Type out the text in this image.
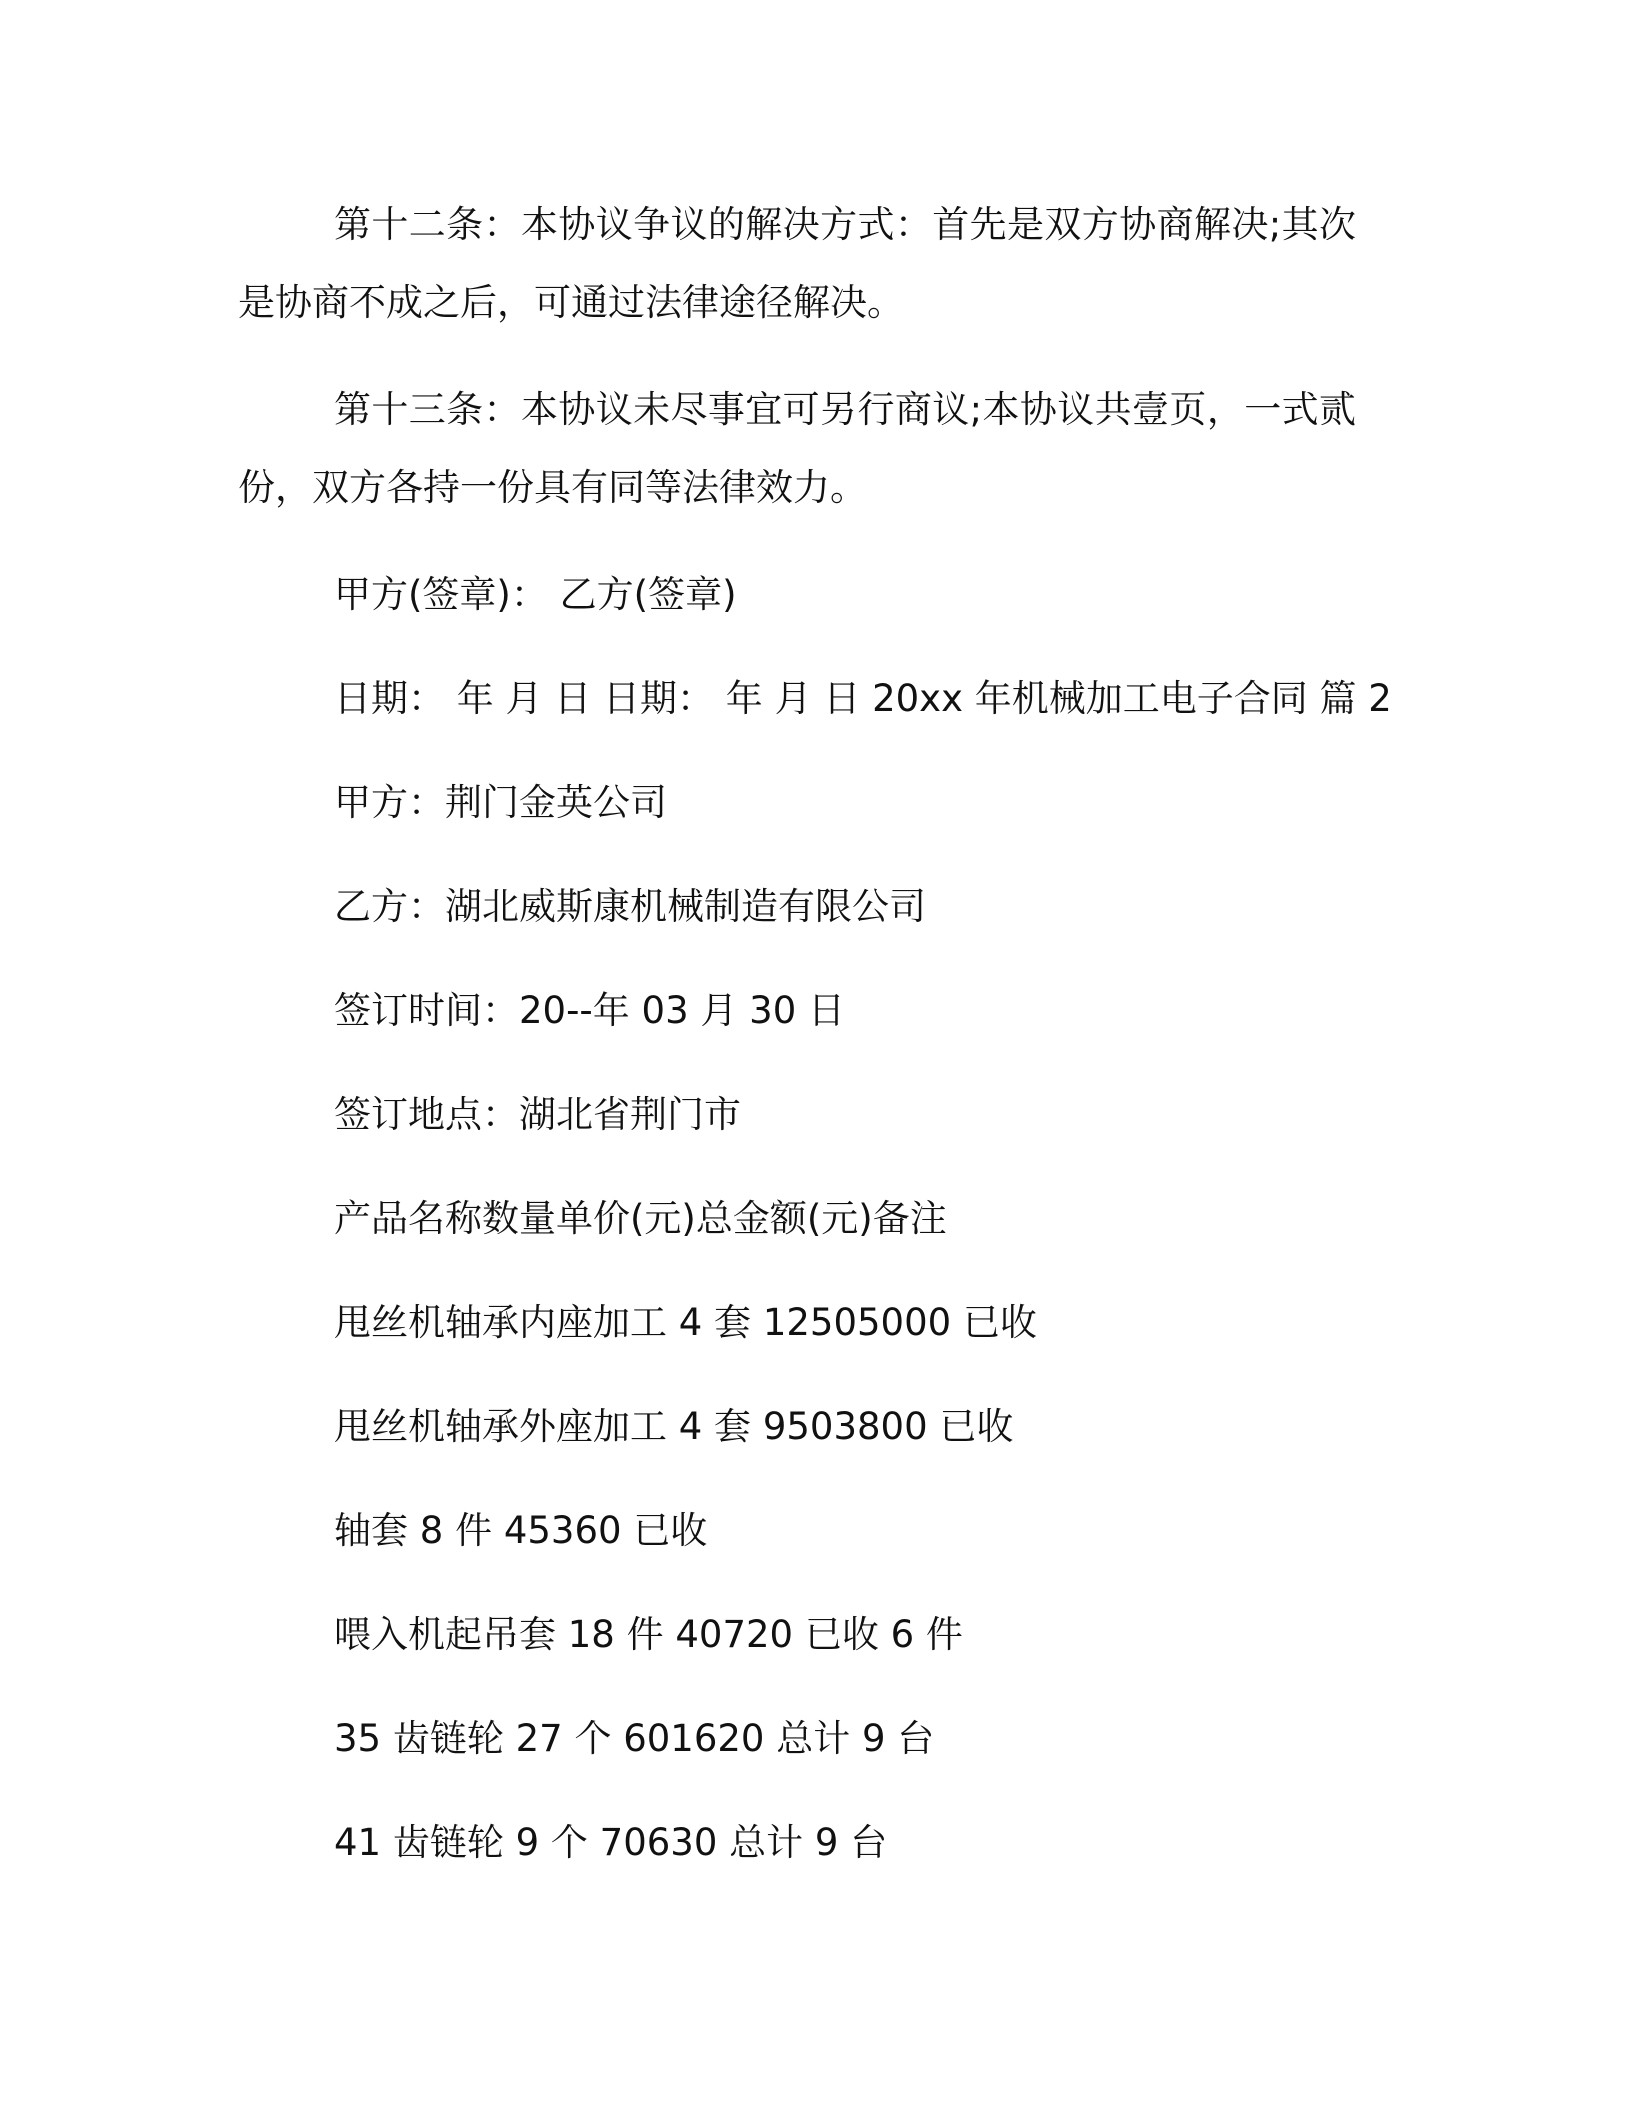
第十二条：本协议争议的解决方式：首先是双方协商解决;其次是协商不成之后，可通过法律途径解决。

第十三条：本协议未尽事宜可另行商议;本协议共壹页，一式贰份，双方各持一份具有同等法律效力。

甲方(签章)： 乙方(签章)

日期： 年 月 日 日期： 年 月 日 20xx 年机械加工电子合同 篇 2

甲方：荆门金英公司

乙方：湖北威斯康机械制造有限公司

签订时间：20--年 03 月 30 日

签订地点：湖北省荆门市

产品名称数量单价(元)总金额(元)备注

甩丝机轴承内座加工 4 套 12505000 已收

甩丝机轴承外座加工 4 套 9503800 已收

轴套 8 件 45360 已收

喂入机起吊套 18 件 40720 已收 6 件

35 齿链轮 27 个 601620 总计 9 台

41 齿链轮 9 个 70630 总计 9 台
